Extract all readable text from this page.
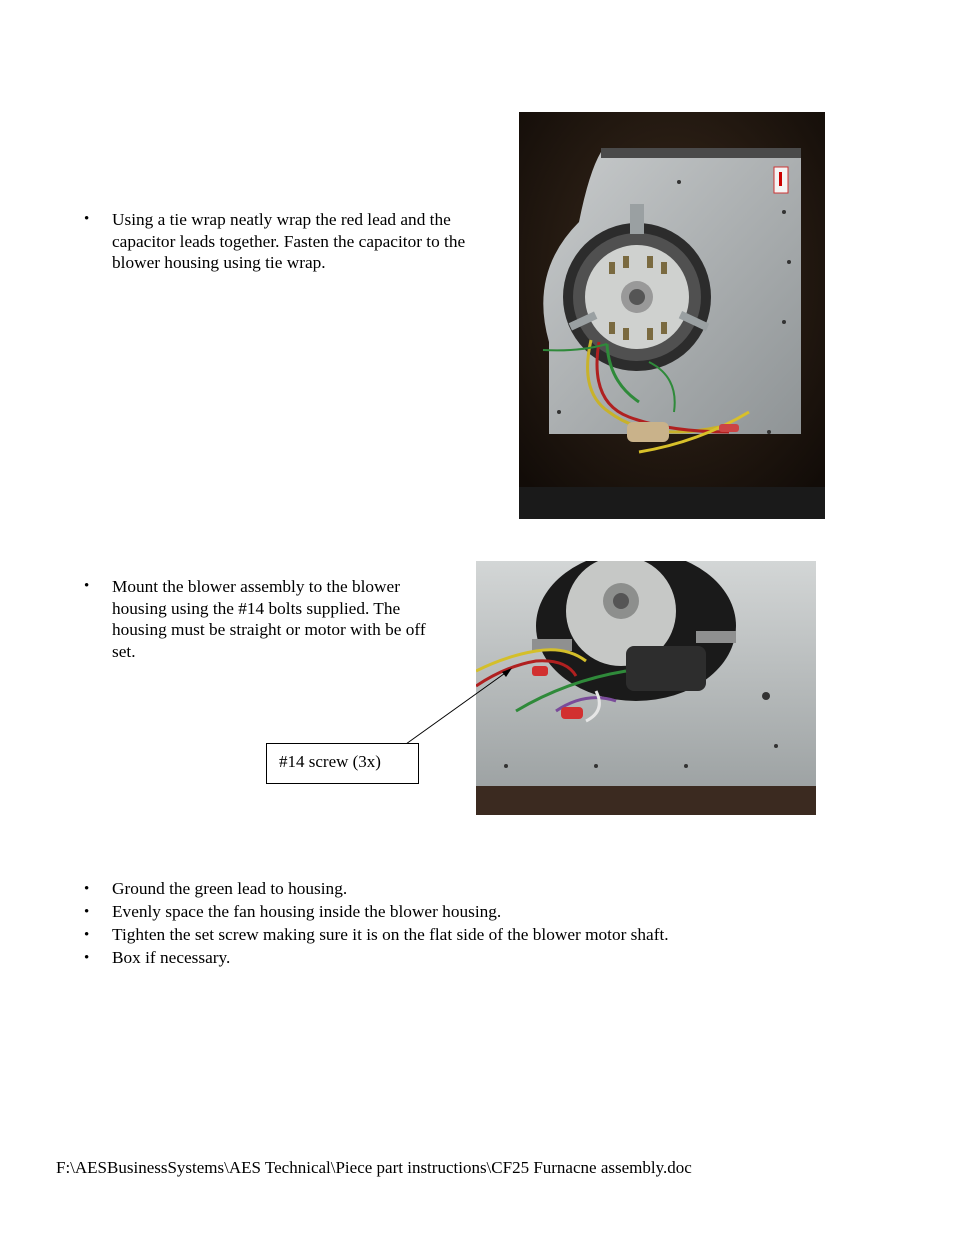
• Using a tie wrap neatly wrap the red lead and the
capacitor leads together. Fasten the capacitor to the
blower housing using tie wrap.
• Mount the blower assembly to the blower
housing using the #14 bolts supplied. The
housing must be straight or motor with be off
set.
#14 screw (3x)
• Ground the green lead to housing.
• Evenly space the fan housing inside the blower housing.
• Tighten the set screw making sure it is on the flat side of the blower motor shaft.
• Box if necessary.
F:\AESBusinessSystems\AES Technical\Piece part instructions\CF25 Furnacne assembly.doc
